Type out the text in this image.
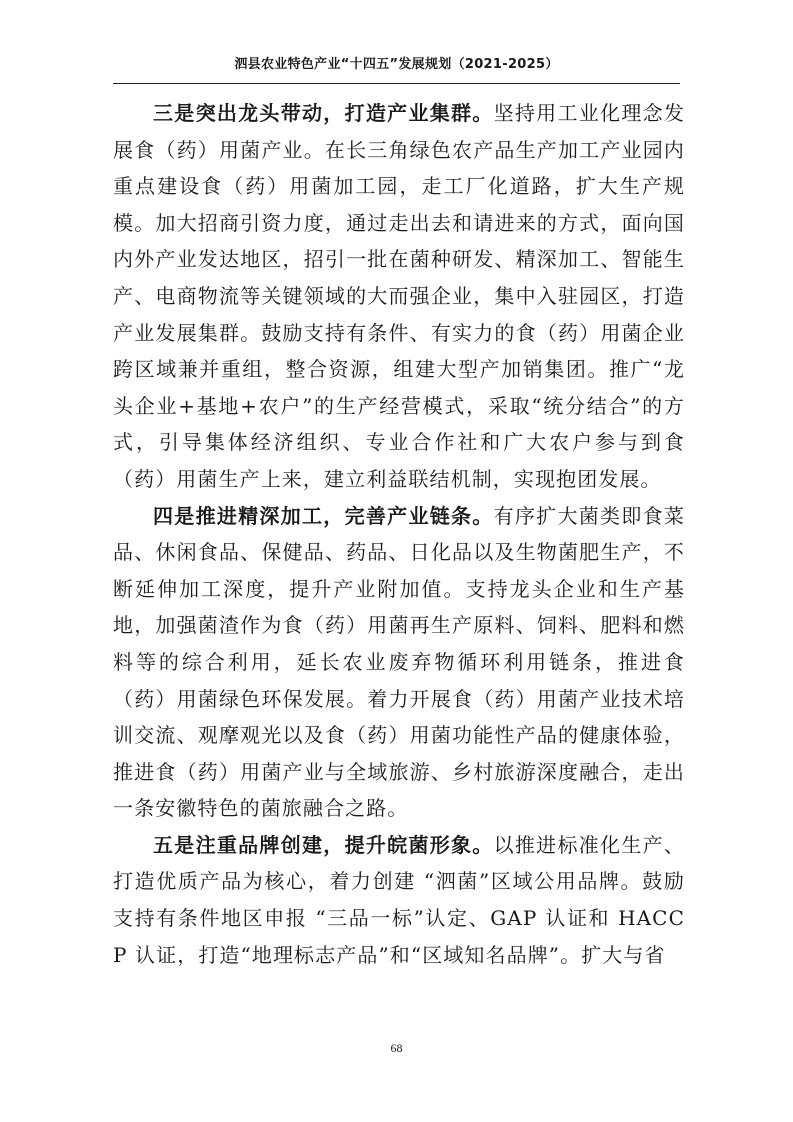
泗县农业特色产业“十四五”发展规划（2021-2025）

三是突出龙头带动，打造产业集群。坚持用工业化理念发展食（药）用菌产业。在长三角绿色农产品生产加工产业园内重点建设食（药）用菌加工园，走工厂化道路，扩大生产规模。加大招商引资力度，通过走出去和请进来的方式，面向国内外产业发达地区，招引一批在菌种研发、精深加工、智能生产、电商物流等关键领域的大而强企业，集中入驻园区，打造产业发展集群。鼓励支持有条件、有实力的食（药）用菌企业跨区域兼并重组，整合资源，组建大型产加销集团。推广“龙头企业+基地+农户”的生产经营模式，采取“统分结合”的方式，引导集体经济组织、专业合作社和广大农户参与到食（药）用菌生产上来，建立利益联结机制，实现抱团发展。

四是推进精深加工，完善产业链条。有序扩大菌类即食菜品、休闲食品、保健品、药品、日化品以及生物菌肥生产，不断延伸加工深度，提升产业附加值。支持龙头企业和生产基地，加强菌渣作为食（药）用菌再生产原料、饲料、肥料和燃料等的综合利用，延长农业废弃物循环利用链条，推进食（药）用菌绿色环保发展。着力开展食（药）用菌产业技术培训交流、观摩观光以及食（药）用菌功能性产品的健康体验，推进食（药）用菌产业与全域旅游、乡村旅游深度融合，走出一条安徽特色的菌旅融合之路。

五是注重品牌创建，提升皖菌形象。以推进标准化生产、打造优质产品为核心，着力创建 “泗菌”区域公用品牌。鼓励支持有条件地区申报 “三品一标”认定、GAP 认证和 HACCP 认证，打造“地理标志产品”和“区域知名品牌”。扩大与省

68
